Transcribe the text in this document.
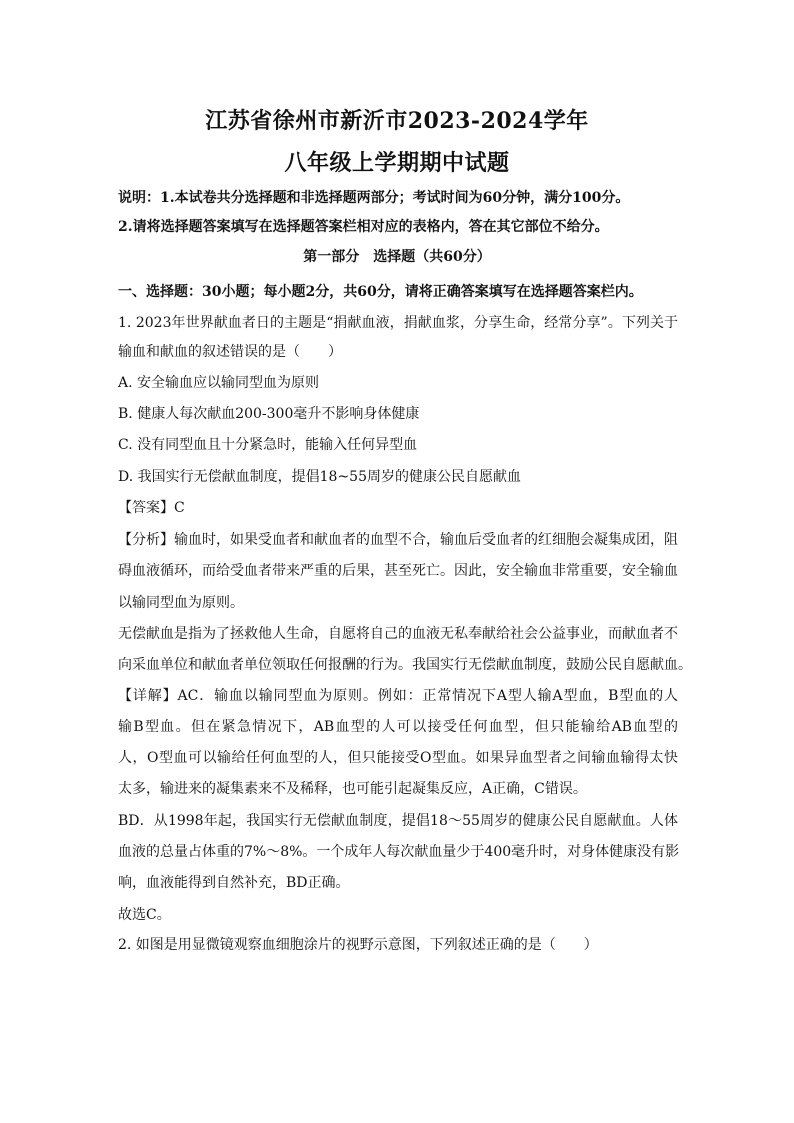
江苏省徐州市新沂市2023-2024学年
八年级上学期期中试题
说明：1.本试卷共分选择题和非选择题两部分；考试时间为60分钟，满分100分。
2.请将选择题答案填写在选择题答案栏相对应的表格内，答在其它部位不给分。
第一部分　选择题（共60分）
一、选择题：30小题；每小题2分，共60分，请将正确答案填写在选择题答案栏内。
1. 2023年世界献血者日的主题是“捐献血液，捐献血浆，分享生命，经常分享”。下列关于
输血和献血的叙述错误的是（　　）
A. 安全输血应以输同型血为原则
B. 健康人每次献血200-300毫升不影响身体健康
C. 没有同型血且十分紧急时，能输入任何异型血
D. 我国实行无偿献血制度，提倡18~55周岁的健康公民自愿献血
【答案】C
【分析】输血时，如果受血者和献血者的血型不合，输血后受血者的红细胞会凝集成团，阻
碍血液循环，而给受血者带来严重的后果，甚至死亡。因此，安全输血非常重要，安全输血
以输同型血为原则。
无偿献血是指为了拯救他人生命，自愿将自己的血液无私奉献给社会公益事业，而献血者不
向采血单位和献血者单位领取任何报酬的行为。我国实行无偿献血制度，鼓励公民自愿献血。
【详解】AC．输血以输同型血为原则。例如：正常情况下A型人输A型血，B型血的人
输B型血。但在紧急情况下，AB血型的人可以接受任何血型，但只能输给AB血型的
人，O型血可以输给任何血型的人，但只能接受O型血。如果异血型者之间输血输得太快
太多，输进来的凝集素来不及稀释，也可能引起凝集反应，A正确，C错误。
BD．从1998年起，我国实行无偿献血制度，提倡18～55周岁的健康公民自愿献血。人体
血液的总量占体重的7%～8%。一个成年人每次献血量少于400毫升时，对身体健康没有影
响，血液能得到自然补充，BD正确。
故选C。
2. 如图是用显微镜观察血细胞涂片的视野示意图，下列叙述正确的是（　　）
